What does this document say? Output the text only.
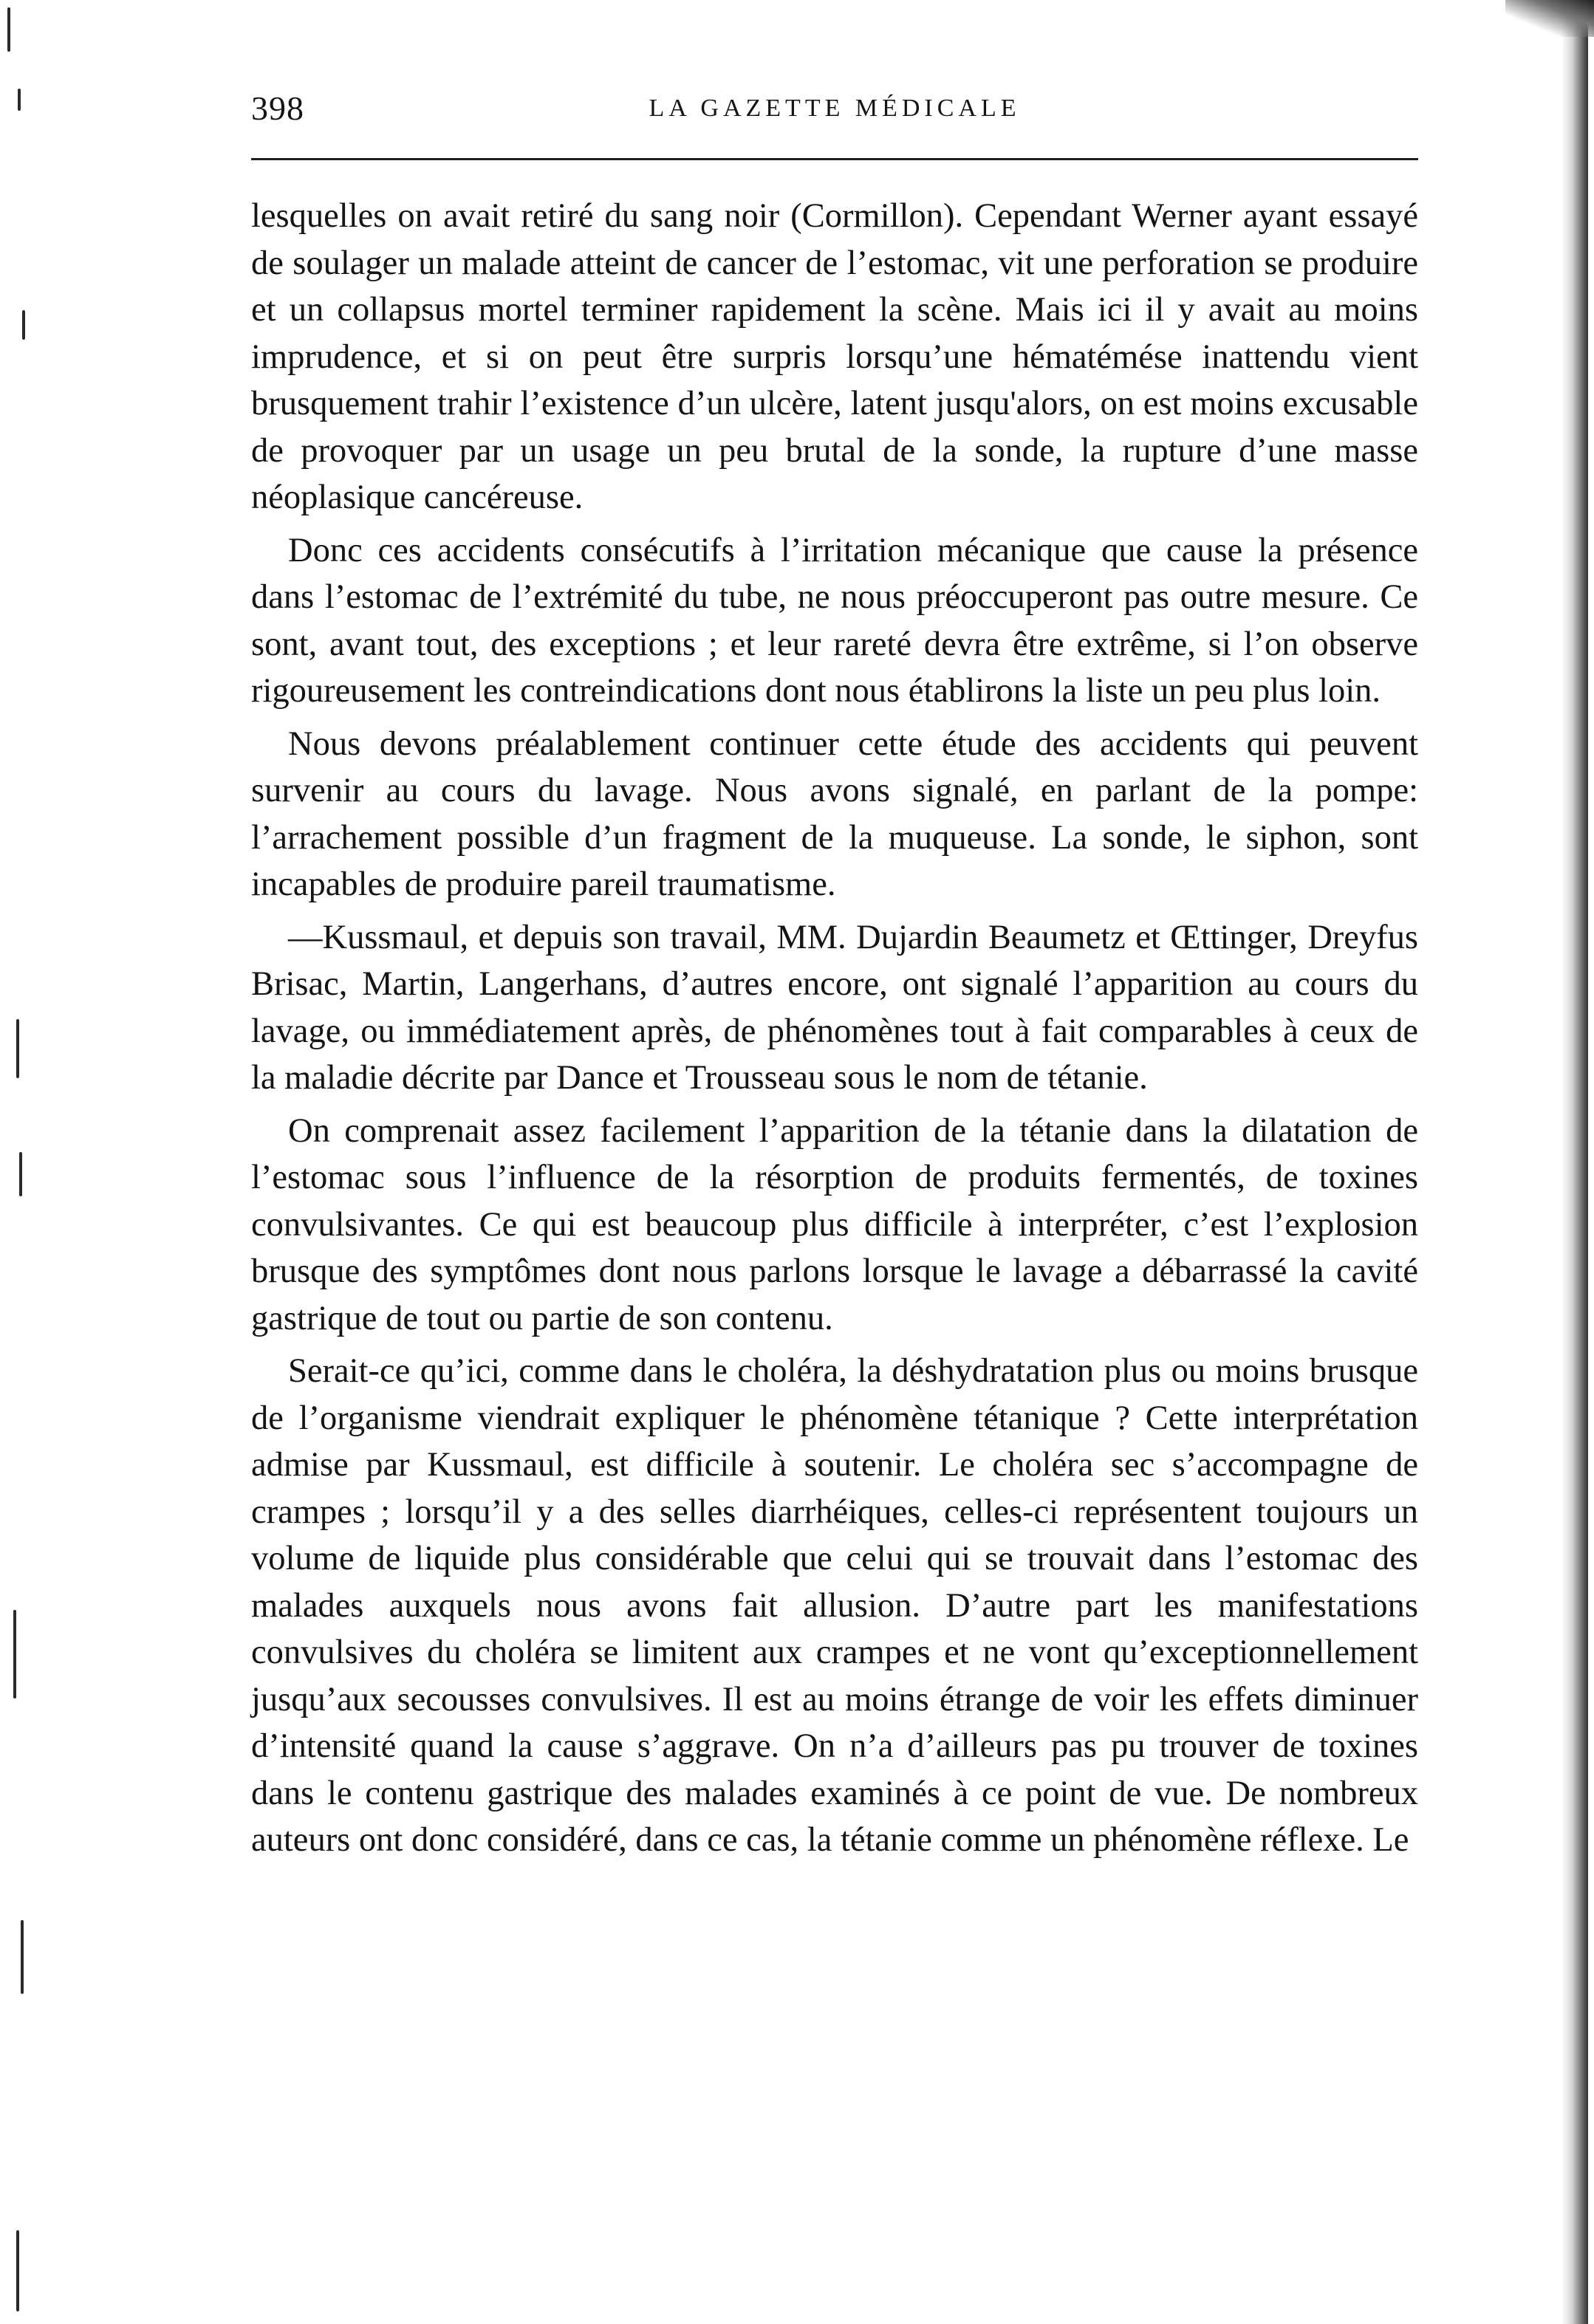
398	LA GAZETTE MÉDICALE

lesquelles on avait retiré du sang noir (Cormillon). Cependant Werner ayant essayé de soulager un malade atteint de cancer de l’estomac, vit une perforation se produire et un collapsus mortel terminer rapidement la scène. Mais ici il y avait au moins imprudence, et si on peut être surpris lorsqu’une hématémése inattendu vient brusquement trahir l’existence d’un ulcère, latent jusqu'alors, on est moins excusable de provoquer par un usage un peu brutal de la sonde, la rupture d’une masse néoplasique cancéreuse.

Donc ces accidents consécutifs à l’irritation mécanique que cause la présence dans l’estomac de l’extrémité du tube, ne nous préoccuperont pas outre mesure. Ce sont, avant tout, des exceptions ; et leur rareté devra être extrême, si l’on observe rigoureusement les contreindications dont nous établirons la liste un peu plus loin.

Nous devons préalablement continuer cette étude des accidents qui peuvent survenir au cours du lavage. Nous avons signalé, en parlant de la pompe: l’arrachement possible d’un fragment de la muqueuse. La sonde, le siphon, sont incapables de produire pareil traumatisme.

—Kussmaul, et depuis son travail, MM. Dujardin Beaumetz et Œttinger, Dreyfus Brisac, Martin, Langerhans, d’autres encore, ont signalé l’apparition au cours du lavage, ou immédiatement après, de phénomènes tout à fait comparables à ceux de la maladie décrite par Dance et Trousseau sous le nom de tétanie.

On comprenait assez facilement l’apparition de la tétanie dans la dilatation de l’estomac sous l’influence de la résorption de produits fermentés, de toxines convulsivantes. Ce qui est beaucoup plus difficile à interpréter, c’est l’explosion brusque des symptômes dont nous parlons lorsque le lavage a débarrassé la cavité gastrique de tout ou partie de son contenu.

Serait-ce qu’ici, comme dans le choléra, la déshydratation plus ou moins brusque de l’organisme viendrait expliquer le phénomène tétanique ? Cette interprétation admise par Kussmaul, est difficile à soutenir. Le choléra sec s’accompagne de crampes ; lorsqu’il y a des selles diarrhéiques, celles-ci représentent toujours un volume de liquide plus considérable que celui qui se trouvait dans l’estomac des malades auxquels nous avons fait allusion. D’autre part les manifestations convulsives du choléra se limitent aux crampes et ne vont qu’exceptionnellement jusqu’aux secousses convulsives. Il est au moins étrange de voir les effets diminuer d’intensité quand la cause s’aggrave. On n’a d’ailleurs pas pu trouver de toxines dans le contenu gastrique des malades examinés à ce point de vue. De nombreux auteurs ont donc considéré, dans ce cas, la tétanie comme un phénomène réflexe. Le
